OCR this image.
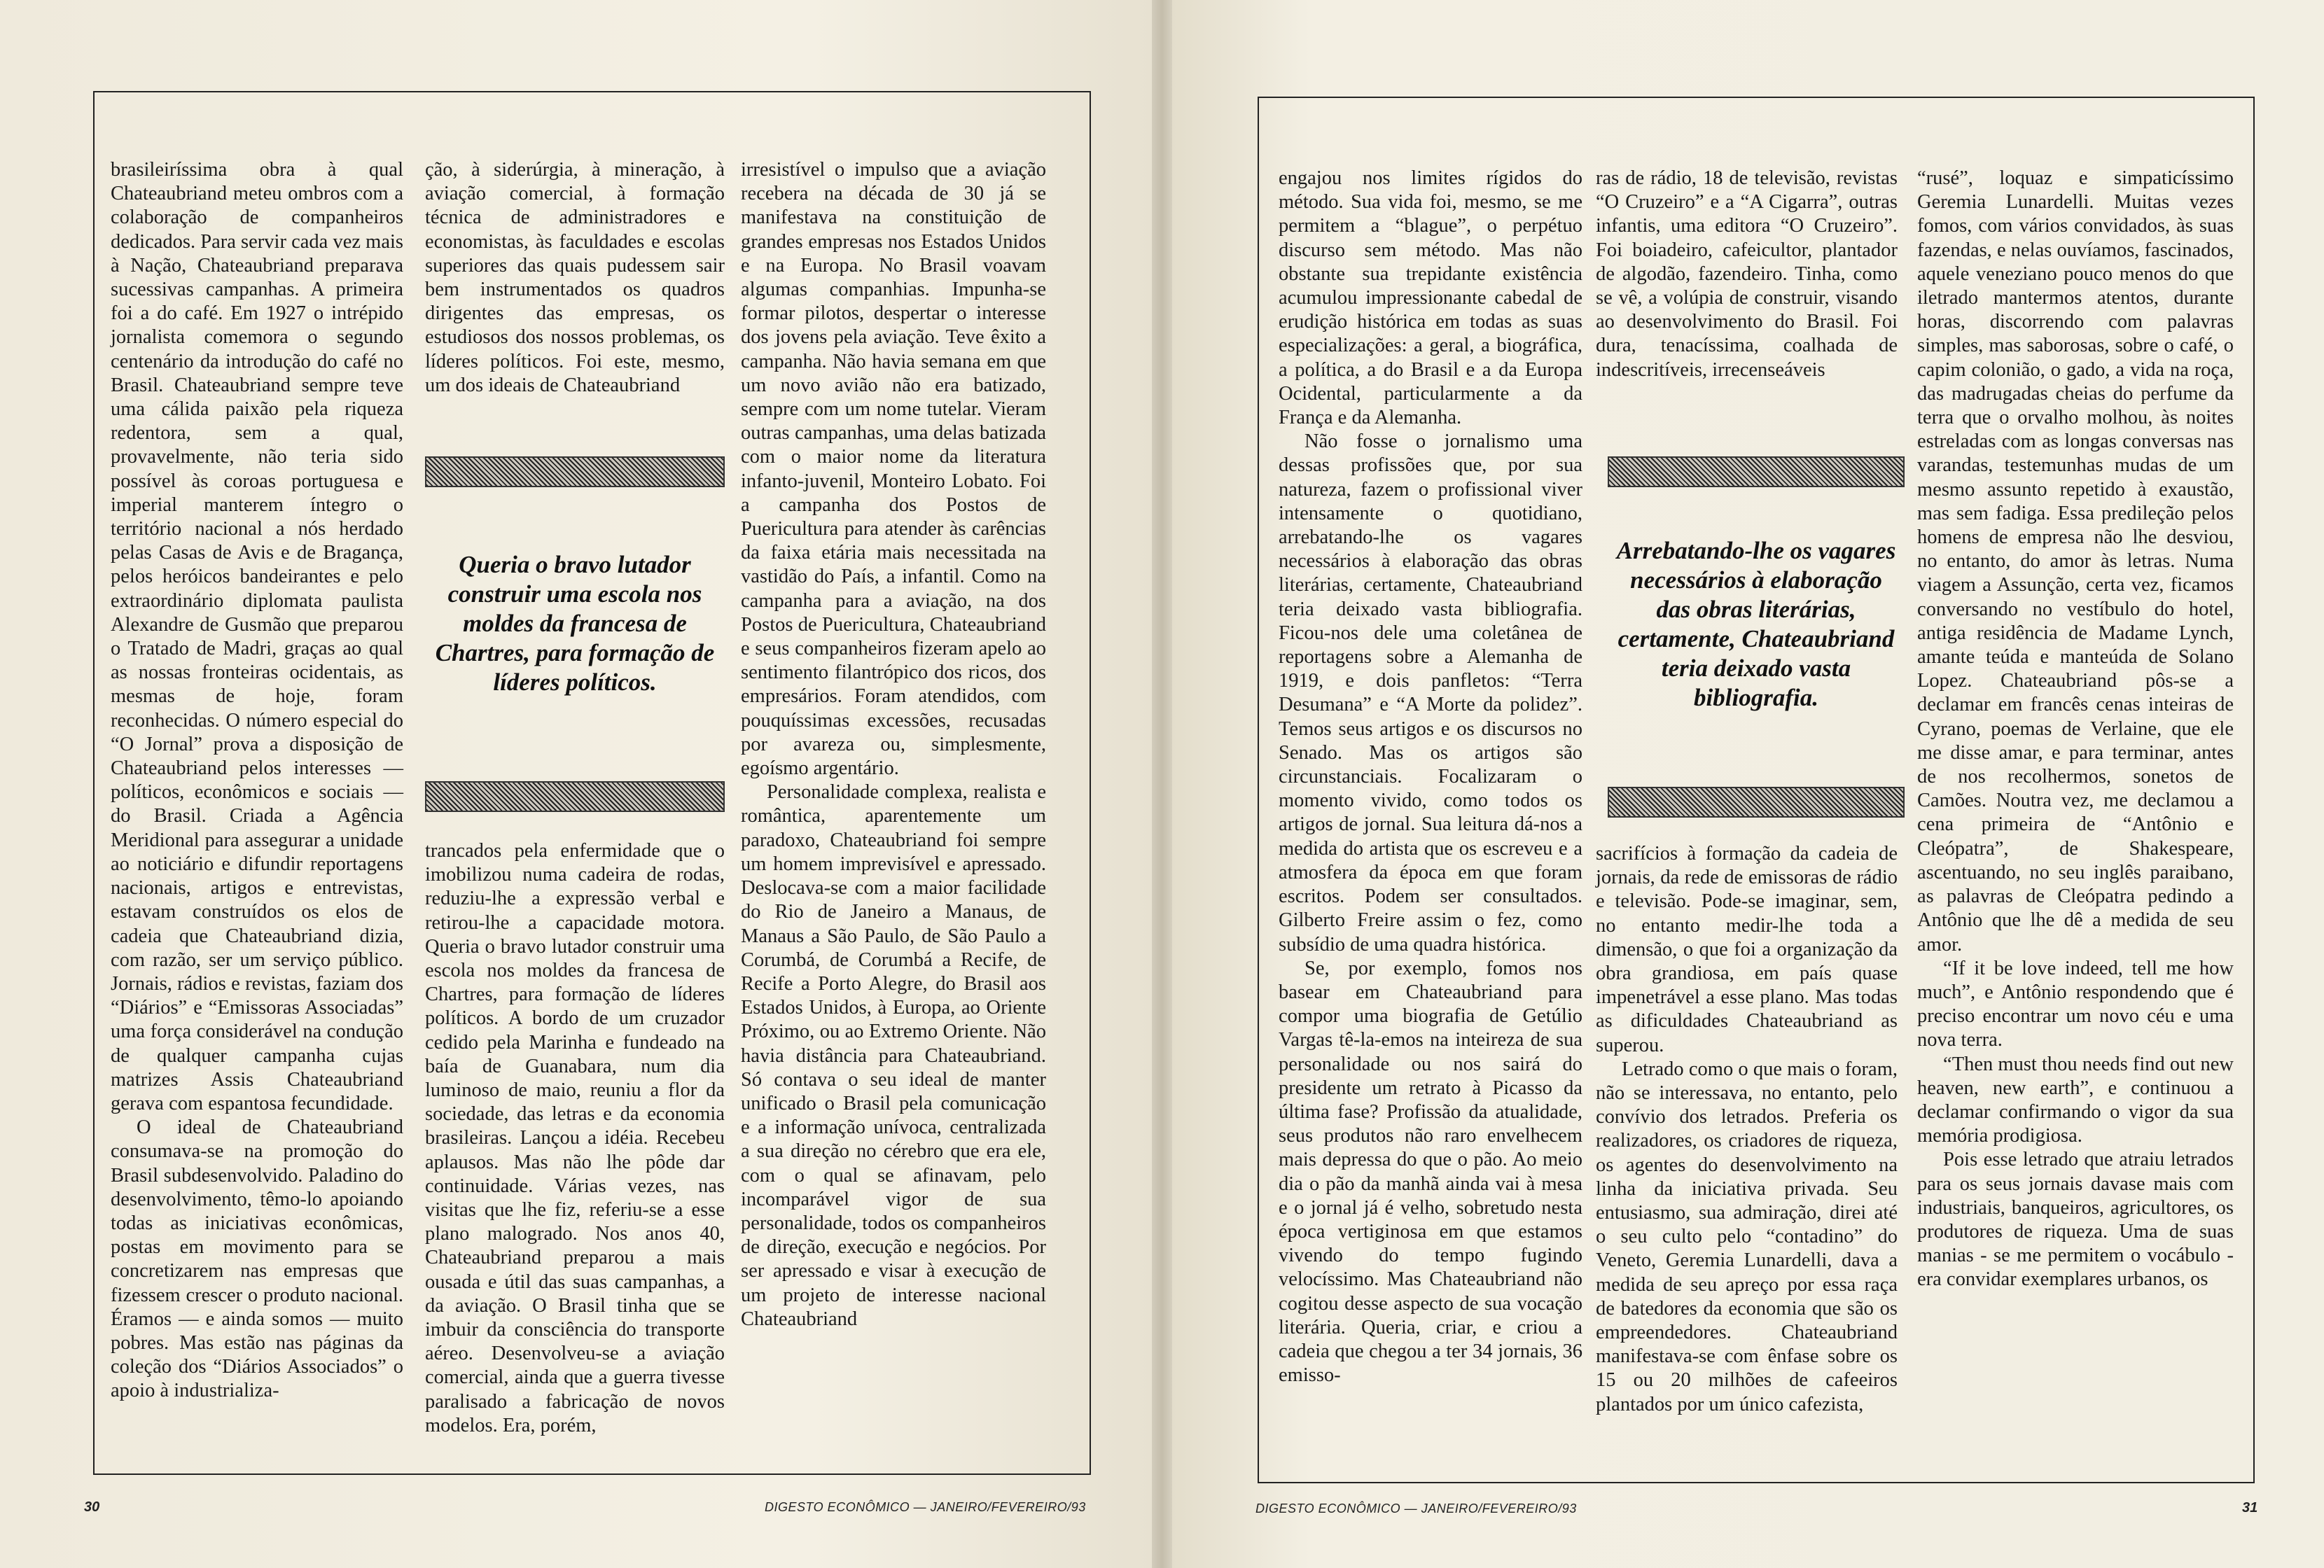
brasileiríssima obra à qual Chateaubriand meteu ombros com a colaboração de companheiros dedicados. Para servir cada vez mais à Nação, Chateaubriand preparava sucessivas campanhas. A primeira foi a do café. Em 1927 o intrépido jornalista comemora o segundo centenário da introdução do café no Brasil. Chateaubriand sempre teve uma cálida paixão pela riqueza redentora, sem a qual, provavelmente, não teria sido possível às coroas portuguesa e imperial manterem íntegro o território nacional a nós herdado pelas Casas de Avis e de Bragança, pelos heróicos bandeirantes e pelo extraordinário diplomata paulista Alexandre de Gusmão que preparou o Tratado de Madri, graças ao qual as nossas fronteiras ocidentais, as mesmas de hoje, foram reconhecidas. O número especial do “O Jornal” prova a disposição de Chateaubriand pelos interesses — políticos, econômicos e sociais — do Brasil. Criada a Agência Meridional para assegurar a unidade ao noticiário e difundir reportagens nacionais, artigos e entrevistas, estavam construídos os elos de cadeia que Chateaubriand dizia, com razão, ser um serviço público. Jornais, rádios e revistas, faziam dos “Diários” e “Emissoras Associadas” uma força considerável na condução de qualquer campanha cujas matrizes Assis Chateaubriand gerava com espantosa fecundidade.

O ideal de Chateaubriand consumava-se na promoção do Brasil subdesenvolvido. Paladino do desenvolvimento, têmo-lo apoiando todas as iniciativas econômicas, postas em movimento para se concretizarem nas empresas que fizessem crescer o produto nacional. Éramos — e ainda somos — muito pobres. Mas estão nas páginas da coleção dos “Diários Associados” o apoio à industrializa-

ção, à siderúrgia, à mineração, à aviação comercial, à formação técnica de administradores e economistas, às faculdades e escolas superiores das quais pudessem sair bem instrumentados os quadros dirigentes das empresas, os estudiosos dos nossos problemas, os líderes políticos. Foi este, mesmo, um dos ideais de Chateaubriand

Queria o bravo lutador construir uma escola nos moldes da francesa de Chartres, para formação de líderes políticos.

trancados pela enfermidade que o imobilizou numa cadeira de rodas, reduziu-lhe a expressão verbal e retirou-lhe a capacidade motora. Queria o bravo lutador construir uma escola nos moldes da francesa de Chartres, para formação de líderes políticos. A bordo de um cruzador cedido pela Marinha e fundeado na baía de Guanabara, num dia luminoso de maio, reuniu a flor da sociedade, das letras e da economia brasileiras. Lançou a idéia. Recebeu aplausos. Mas não lhe pôde dar continuidade. Várias vezes, nas visitas que lhe fiz, referiu-se a esse plano malogrado. Nos anos 40, Chateaubriand preparou a mais ousada e útil das suas campanhas, a da aviação. O Brasil tinha que se imbuir da consciência do transporte aéreo. Desenvolveu-se a aviação comercial, ainda que a guerra tivesse paralisado a fabricação de novos modelos. Era, porém,

irresistível o impulso que a aviação recebera na década de 30 já se manifestava na constituição de grandes empresas nos Estados Unidos e na Europa. No Brasil voavam algumas companhias. Impunha-se formar pilotos, despertar o interesse dos jovens pela aviação. Teve êxito a campanha. Não havia semana em que um novo avião não era batizado, sempre com um nome tutelar. Vieram outras campanhas, uma delas batizada com o maior nome da literatura infanto-juvenil, Monteiro Lobato. Foi a campanha dos Postos de Puericultura para atender às carências da faixa etária mais necessitada na vastidão do País, a infantil. Como na campanha para a aviação, na dos Postos de Puericultura, Chateaubriand e seus companheiros fizeram apelo ao sentimento filantrópico dos ricos, dos empresários. Foram atendidos, com pouquíssimas excessões, recusadas por avareza ou, simplesmente, egoísmo argentário.

Personalidade complexa, realista e romântica, aparentemente um paradoxo, Chateaubriand foi sempre um homem imprevisível e apressado. Deslocava-se com a maior facilidade do Rio de Janeiro a Manaus, de Manaus a São Paulo, de São Paulo a Corumbá, de Corumbá a Recife, de Recife a Porto Alegre, do Brasil aos Estados Unidos, à Europa, ao Oriente Próximo, ou ao Extremo Oriente. Não havia distância para Chateaubriand. Só contava o seu ideal de manter unificado o Brasil pela comunicação e a informação unívoca, centralizada a sua direção no cérebro que era ele, com o qual se afinavam, pelo incomparável vigor de sua personalidade, todos os companheiros de direção, execução e negócios. Por ser apressado e visar à execução de um projeto de interesse nacional Chateaubriand

30	DIGESTO ECONÔMICO — JANEIRO/FEVEREIRO/93

engajou nos limites rígidos do método. Sua vida foi, mesmo, se me permitem a “blague”, o perpétuo discurso sem método. Mas não obstante sua trepidante existência acumulou impressionante cabedal de erudição histórica em todas as suas especializações: a geral, a biográfica, a política, a do Brasil e a da Europa Ocidental, particularmente a da França e da Alemanha.

Não fosse o jornalismo uma dessas profissões que, por sua natureza, fazem o profissional viver intensamente o quotidiano, arrebatando-lhe os vagares necessários à elaboração das obras literárias, certamente, Chateaubriand teria deixado vasta bibliografia. Ficou-nos dele uma coletânea de reportagens sobre a Alemanha de 1919, e dois panfletos: “Terra Desumana” e “A Morte da polidez”. Temos seus artigos e os discursos no Senado. Mas os artigos são circunstanciais. Focalizaram o momento vivido, como todos os artigos de jornal. Sua leitura dá-nos a medida do artista que os escreveu e a atmosfera da época em que foram escritos. Podem ser consultados. Gilberto Freire assim o fez, como subsídio de uma quadra histórica.

Se, por exemplo, fomos nos basear em Chateaubriand para compor uma biografia de Getúlio Vargas tê-la-emos na inteireza de sua personalidade ou nos sairá do presidente um retrato à Picasso da última fase? Profissão da atualidade, seus produtos não raro envelhecem mais depressa do que o pão. Ao meio dia o pão da manhã ainda vai à mesa e o jornal já é velho, sobretudo nesta época vertiginosa em que estamos vivendo do tempo fugindo velocíssimo. Mas Chateaubriand não cogitou desse aspecto de sua vocação literária. Queria, criar, e criou a cadeia que chegou a ter 34 jornais, 36 emisso-

ras de rádio, 18 de televisão, revistas “O Cruzeiro” e a “A Cigarra”, outras infantis, uma editora “O Cruzeiro”. Foi boiadeiro, cafeicultor, plantador de algodão, fazendeiro. Tinha, como se vê, a volúpia de construir, visando ao desenvolvimento do Brasil. Foi dura, tenacíssima, coalhada de indescritíveis, irrecenseáveis

Arrebatando-lhe os vagares necessários à elaboração das obras literárias, certamente, Chateaubriand teria deixado vasta bibliografia.

sacrifícios à formação da cadeia de jornais, da rede de emissoras de rádio e televisão. Pode-se imaginar, sem, no entanto medir-lhe toda a dimensão, o que foi a organização da obra grandiosa, em país quase impenetrável a esse plano. Mas todas as dificuldades Chateaubriand as superou.

Letrado como o que mais o foram, não se interessava, no entanto, pelo convívio dos letrados. Preferia os realizadores, os criadores de riqueza, os agentes do desenvolvimento na linha da iniciativa privada. Seu entusiasmo, sua admiração, direi até o seu culto pelo “contadino” do Veneto, Geremia Lunardelli, dava a medida de seu apreço por essa raça de batedores da economia que são os empreendedores. Chateaubriand manifestava-se com ênfase sobre os 15 ou 20 milhões de cafeeiros plantados por um único cafezista,

“rusé”, loquaz e simpaticíssimo Geremia Lunardelli. Muitas vezes fomos, com vários convidados, às suas fazendas, e nelas ouvíamos, fascinados, aquele veneziano pouco menos do que iletrado mantermos atentos, durante horas, discorrendo com palavras simples, mas saborosas, sobre o café, o capim colonião, o gado, a vida na roça, das madrugadas cheias do perfume da terra que o orvalho molhou, às noites estreladas com as longas conversas nas varandas, testemunhas mudas de um mesmo assunto repetido à exaustão, mas sem fadiga. Essa predileção pelos homens de empresa não lhe desviou, no entanto, do amor às letras. Numa viagem a Assunção, certa vez, ficamos conversando no vestíbulo do hotel, antiga residência de Madame Lynch, amante teúda e manteúda de Solano Lopez. Chateaubriand pôs-se a declamar em francês cenas inteiras de Cyrano, poemas de Verlaine, que ele me disse amar, e para terminar, antes de nos recolhermos, sonetos de Camões. Noutra vez, me declamou a cena primeira de “Antônio e Cleópatra”, de Shakespeare, ascentuando, no seu inglês paraibano, as palavras de Cleópatra pedindo a Antônio que lhe dê a medida de seu amor.

“If it be love indeed, tell me how much”, e Antônio respondendo que é preciso encontrar um novo céu e uma nova terra.

“Then must thou needs find out new heaven, new earth”, e continuou a declamar confirmando o vigor da sua memória prodigiosa.

Pois esse letrado que atraiu letrados para os seus jornais davase mais com industriais, banqueiros, agricultores, os produtores de riqueza. Uma de suas manias - se me permitem o vocábulo - era convidar exemplares urbanos, os

DIGESTO ECONÔMICO — JANEIRO/FEVEREIRO/93	31
